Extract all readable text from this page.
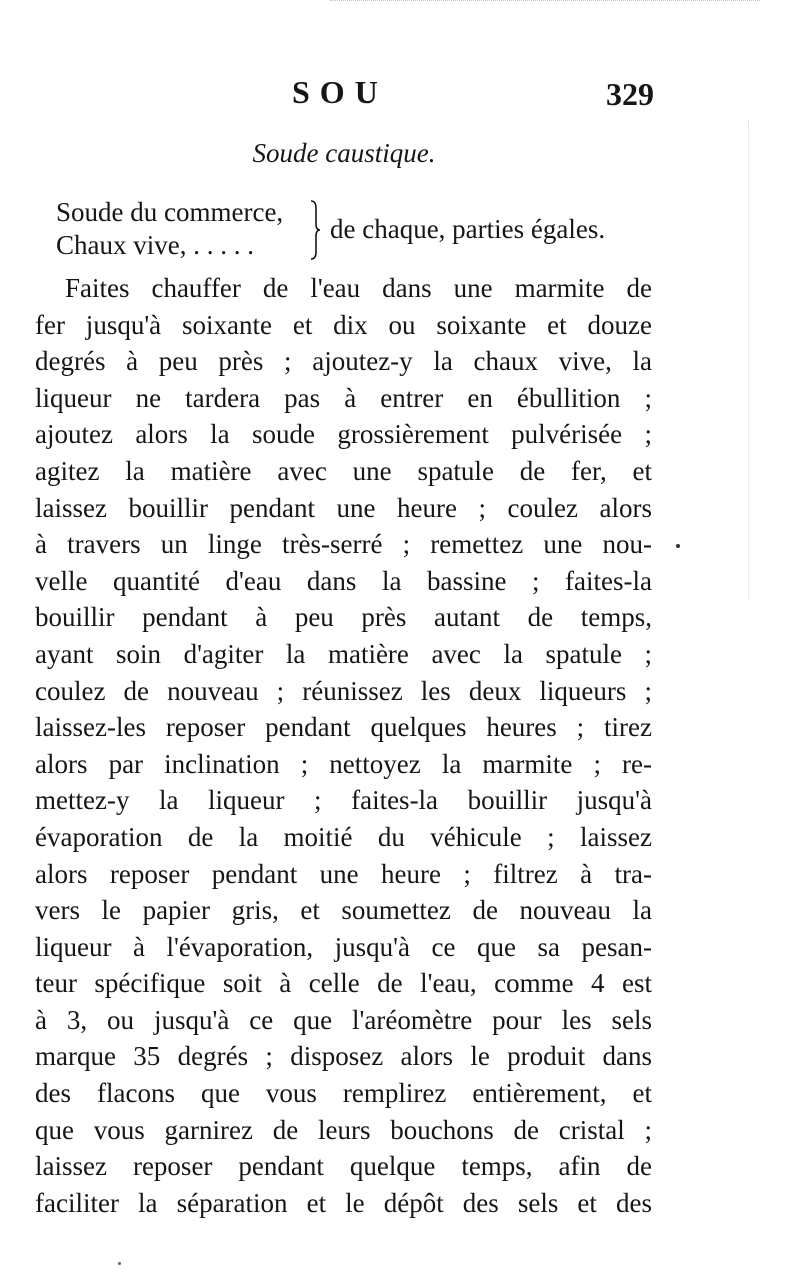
SOU	329
Soude caustique.
Soude du commerce,
Chaux vive, . . . . .
de chaque, parties égales.
Faites chauffer de l'eau dans une marmite de
fer jusqu'à soixante et dix ou soixante et douze
degrés à peu près ; ajoutez-y la chaux vive, la
liqueur ne tardera pas à entrer en ébullition ;
ajoutez alors la soude grossièrement pulvérisée ;
agitez la matière avec une spatule de fer, et
laissez bouillir pendant une heure ; coulez alors
à travers un linge très-serré ; remettez une nou-
velle quantité d'eau dans la bassine ; faites-la
bouillir pendant à peu près autant de temps,
ayant soin d'agiter la matière avec la spatule ;
coulez de nouveau ; réunissez les deux liqueurs ;
laissez-les reposer pendant quelques heures ; tirez
alors par inclination ; nettoyez la marmite ; re-
mettez-y la liqueur ; faites-la bouillir jusqu'à
évaporation de la moitié du véhicule ; laissez
alors reposer pendant une heure ; filtrez à tra-
vers le papier gris, et soumettez de nouveau la
liqueur à l'évaporation, jusqu'à ce que sa pesan-
teur spécifique soit à celle de l'eau, comme 4 est
à 3, ou jusqu'à ce que l'aréomètre pour les sels
marque 35 degrés ; disposez alors le produit dans
des flacons que vous remplirez entièrement, et
que vous garnirez de leurs bouchons de cristal ;
laissez reposer pendant quelque temps, afin de
faciliter la séparation et le dépôt des sels et des
